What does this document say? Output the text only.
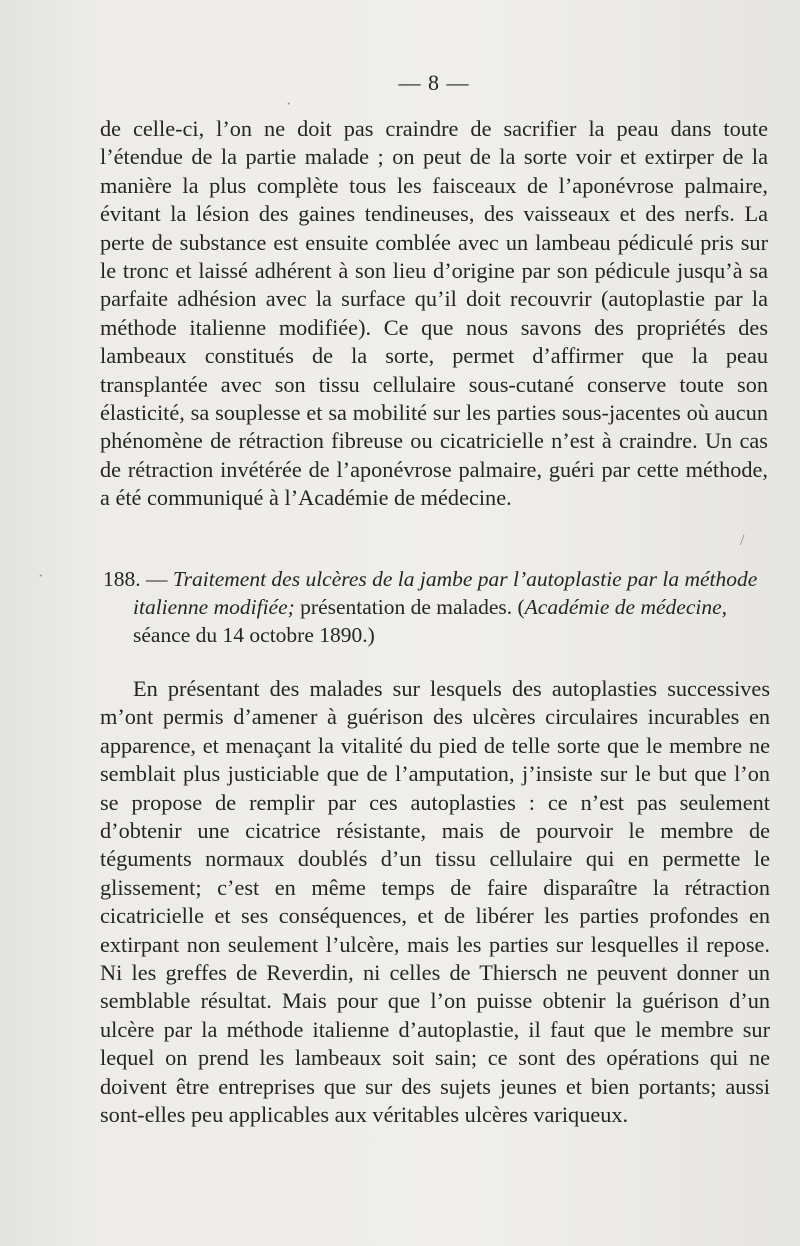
— 8 —

de celle-ci, l’on ne doit pas craindre de sacrifier la peau dans toute l’étendue de la partie malade ; on peut de la sorte voir et extirper de la manière la plus complète tous les faisceaux de l’aponévrose palmaire, évitant la lésion des gaines tendineuses, des vaisseaux et des nerfs. La perte de substance est ensuite comblée avec un lambeau pédiculé pris sur le tronc et laissé adhérent à son lieu d’origine par son pédicule jusqu’à sa parfaite adhésion avec la surface qu’il doit recouvrir (autoplastie par la méthode italienne modifiée). Ce que nous savons des propriétés des lambeaux constitués de la sorte, permet d’affirmer que la peau transplantée avec son tissu cellulaire sous-cutané conserve toute son élasticité, sa souplesse et sa mobilité sur les parties sous-jacentes où aucun phénomène de rétraction fibreuse ou cicatricielle n’est à craindre. Un cas de rétraction invétérée de l’aponévrose palmaire, guéri par cette méthode, a été communiqué à l’Académie de médecine.

188. — Traitement des ulcères de la jambe par l’autoplastie par la méthode
italienne modifiée; présentation de malades. (Académie de médecine,
séance du 14 octobre 1890.)

En présentant des malades sur lesquels des autoplasties successives m’ont permis d’amener à guérison des ulcères circulaires incurables en apparence, et menaçant la vitalité du pied de telle sorte que le membre ne semblait plus justiciable que de l’amputation, j’insiste sur le but que l’on se propose de remplir par ces autoplasties : ce n’est pas seulement d’obtenir une cicatrice résistante, mais de pourvoir le membre de téguments normaux doublés d’un tissu cellulaire qui en permette le glissement; c’est en même temps de faire disparaître la rétraction cicatricielle et ses conséquences, et de libérer les parties profondes en extirpant non seulement l’ulcère, mais les parties sur lesquelles il repose. Ni les greffes de Reverdin, ni celles de Thiersch ne peuvent donner un semblable résultat. Mais pour que l’on puisse obtenir la guérison d’un ulcère par la méthode italienne d’autoplastie, il faut que le membre sur lequel on prend les lambeaux soit sain; ce sont des opérations qui ne doivent être entreprises que sur des sujets jeunes et bien portants; aussi sont-elles peu applicables aux véritables ulcères variqueux.

·
·
/
